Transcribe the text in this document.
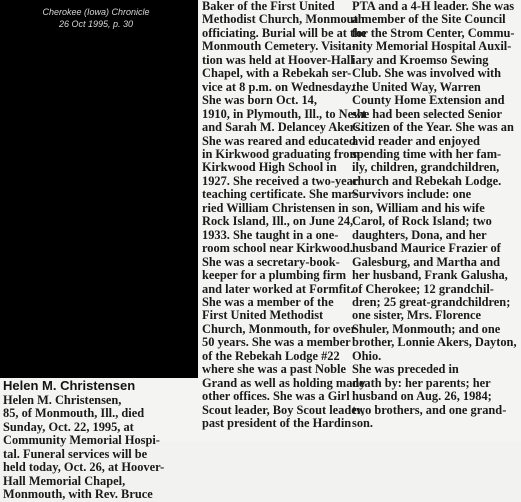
Cherokee (Iowa) Chronicle
26 Oct 1995, p. 30
Helen M. Christensen
Helen M. Christensen,
85, of Monmouth, Ill., died
Sunday, Oct. 22, 1995, at
Community Memorial Hospi-
tal. Funeral services will be
held today, Oct. 26, at Hoover-
Hall Memorial Chapel,
Monmouth, with Rev. Bruce
Baker of the First United
Methodist Church, Monmouth
officiating. Burial will be at the
Monmouth Cemetery. Visita-
tion was held at Hoover-Hall
Chapel, with a Rebekah ser-
vice at 8 p.m. on Wednesday.
She was born Oct. 14,
1910, in Plymouth, Ill., to Newt
and Sarah M. Delancey Akers.
She was reared and educated
in Kirkwood graduating from
Kirkwood High School in
1927. She received a two-year
teaching certificate. She mar-
ried William Christensen in
Rock Island, Ill., on June 24,
1933. She taught in a one-
room school near Kirkwood.
She was a secretary-book-
keeper for a plumbing firm
and later worked at Formfit.
She was a member of the
First United Methodist
Church, Monmouth, for over
50 years. She was a member
of the Rebekah Lodge #22
where she was a past Noble
Grand as well as holding many
other offices. She was a Girl
Scout leader, Boy Scout leader,
past president of the Hardin
PTA and a 4-H leader. She was
a member of the Site Council
for the Strom Center, Commu-
nity Memorial Hospital Auxil-
iary and Kroemso Sewing
Club. She was involved with
the United Way, Warren
County Home Extension and
she had been selected Senior
Citizen of the Year. She was an
avid reader and enjoyed
spending time with her fam-
ily, children, grandchildren,
church and Rebekah Lodge.
Survivors include: one
son, William and his wife
Carol, of Rock Island; two
daughters, Dona, and her
husband Maurice Frazier of
Galesburg, and Martha and
her husband, Frank Galusha,
of Cherokee; 12 grandchil-
dren; 25 great-grandchildren;
one sister, Mrs. Florence
Shuler, Monmouth; and one
brother, Lonnie Akers, Dayton,
Ohio.
She was preceded in
death by: her parents; her
husband on Aug. 26, 1984;
two brothers, and one grand-
son.
